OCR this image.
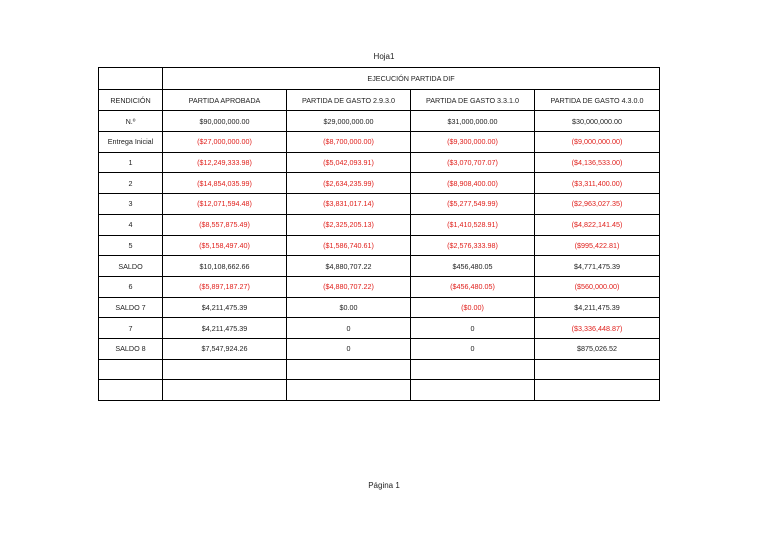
Hoja1
	EJECUCIÓN PARTIDA DIF			
RENDICIÓN	PARTIDA APROBADA	PARTIDA DE GASTO 2.9.3.0	PARTIDA DE GASTO 3.3.1.0	PARTIDA DE GASTO 4.3.0.0
N.º	$90,000,000.00	$29,000,000.00	$31,000,000.00	$30,000,000.00
Entrega Inicial	($27,000,000.00)	($8,700,000.00)	($9,300,000.00)	($9,000,000.00)
1	($12,249,333.98)	($5,042,093.91)	($3,070,707.07)	($4,136,533.00)
2	($14,854,035.99)	($2,634,235.99)	($8,908,400.00)	($3,311,400.00)
3	($12,071,594.48)	($3,831,017.14)	($5,277,549.99)	($2,963,027.35)
4	($8,557,875.49)	($2,325,205.13)	($1,410,528.91)	($4,822,141.45)
5	($5,158,497.40)	($1,586,740.61)	($2,576,333.98)	($995,422.81)
SALDO	$10,108,662.66	$4,880,707.22	$456,480.05	$4,771,475.39
6	($5,897,187.27)	($4,880,707.22)	($456,480.05)	($560,000.00)
SALDO 7	$4,211,475.39	$0.00	($0.00)	$4,211,475.39
7	$4,211,475.39	0	0	($3,336,448.87)
SALDO 8	$7,547,924.26	0	0	$875,026.52

Página 1
